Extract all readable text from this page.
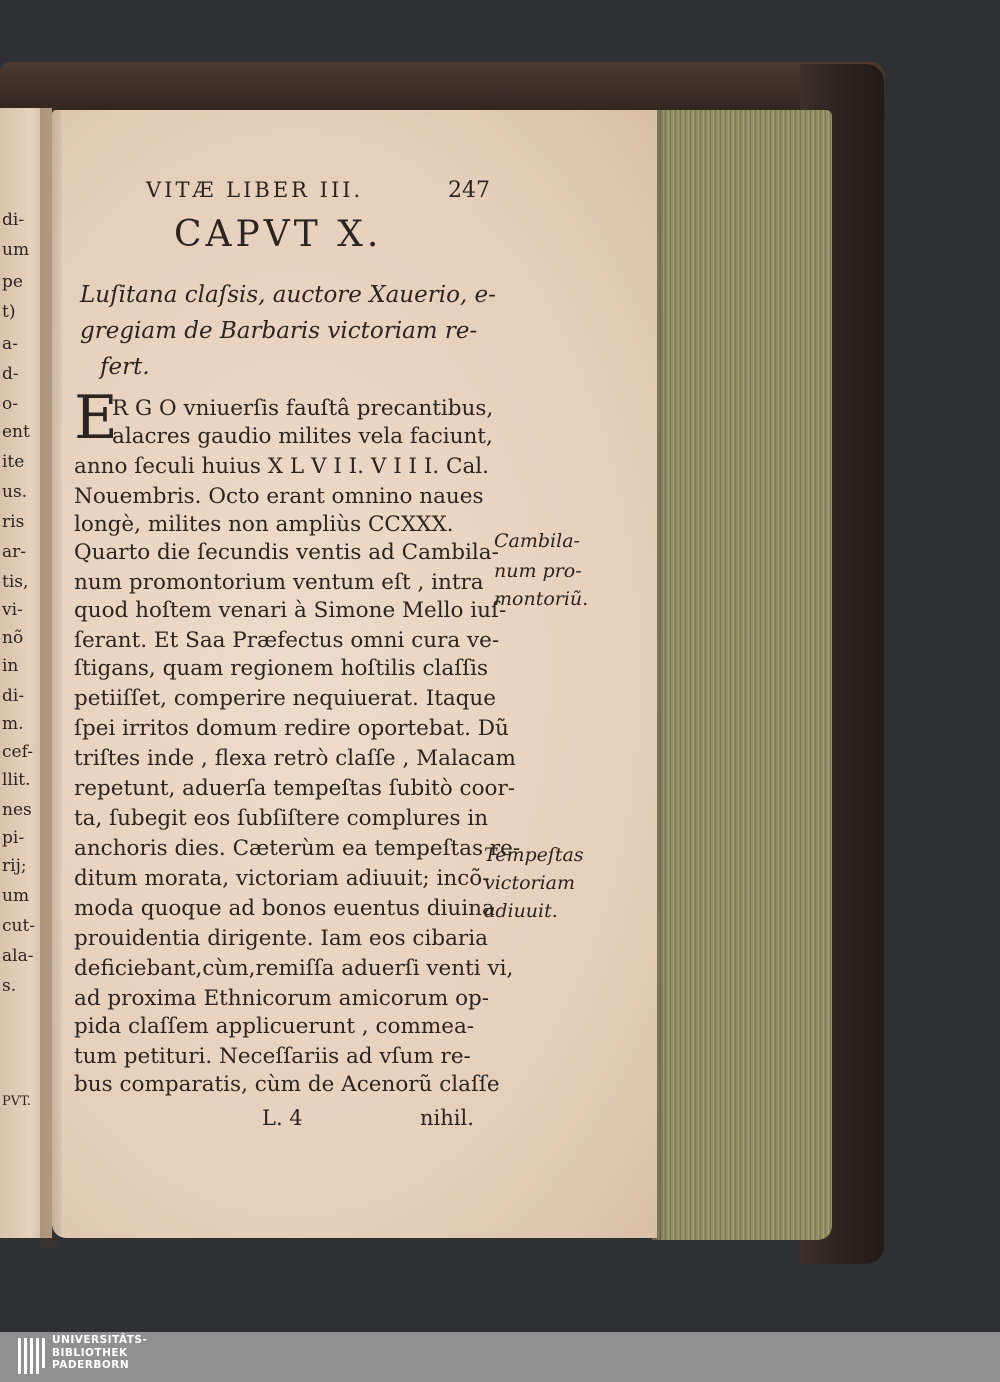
di-
um
pe
t)
a-
d-
o-
ent
ite
us.
ris
ar-
tis,
vi-
nõ
in
di-
m.
cef-
llit.
nes
pi-
rij;
um
cut-
ala-
s.
PVT.
VITÆ LIBER III.	247
CAPVT X.
Luſitana claſsis, auctore Xauerio, e-
gregiam de Barbaris victoriam re-
fert.
E
R G O vniuerſis fauſtâ precantibus,
alacres gaudio milites vela faciunt,
anno ſeculi huius X L V I I. V I I I. Cal.
Nouembris. Octo erant omnino naues
longè, milites non ampliùs CCXXX.
Quarto die ſecundis ventis ad Cambila-
num promontorium ventum eſt , intra
quod hoſtem venari à Simone Mello iuſ-
ſerant. Et Saa Præfectus omni cura ve-
ſtigans, quam regionem hoſtilis claſſis
petiiſſet, comperire nequiuerat. Itaque
ſpei irritos domum redire oportebat. Dũ
triſtes inde , flexa retrò claſſe , Malacam
repetunt, aduerſa tempeſtas ſubitò coor-
ta, ſubegit eos ſubſiſtere complures in
anchoris dies. Cæterùm ea tempeſtas re-
ditum morata, victoriam adiuuit; incõ-
moda quoque ad bonos euentus diuina
prouidentia dirigente. Iam eos cibaria
deficiebant,cùm,remiſſa aduerſi venti vi,
ad proxima Ethnicorum amicorum op-
pida claſſem applicuerunt , commea-
tum petituri. Neceſſariis ad vſum re-
bus comparatis, cùm de Acenorũ claſſe
Cambila-
num pro-
montoriũ.
Tempeſtas
victoriam
adiuuit.
L. 4	nihil.
UNIVERSITÄTS-
BIBLIOTHEK
PADERBORN
